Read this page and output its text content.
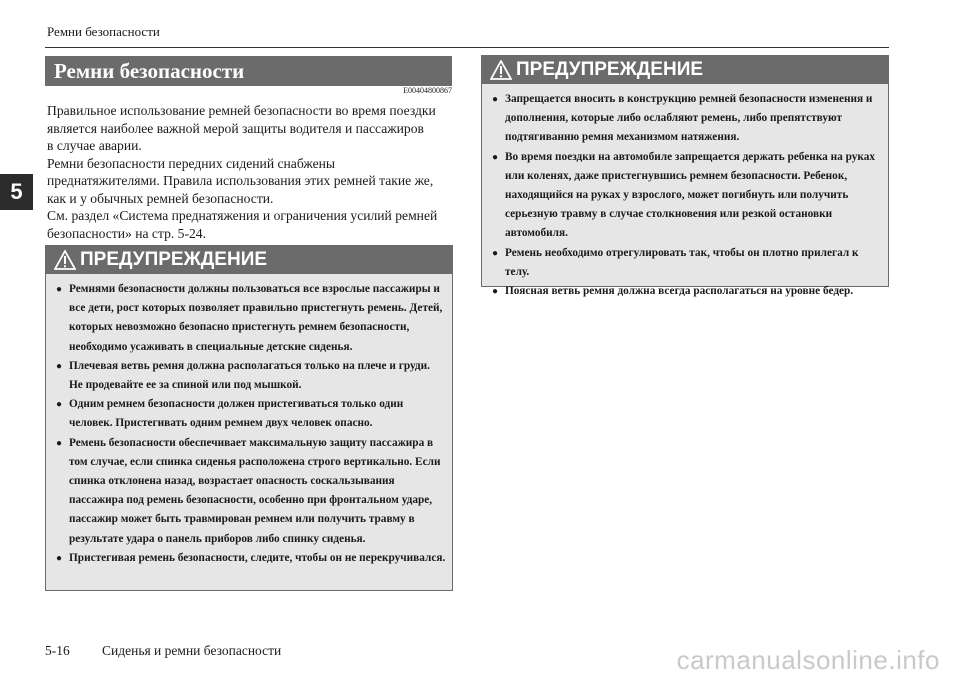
Ремни безопасности
5
Ремни безопасности
E00404800867

Правильное использование ремней безопасности во время поездки

является наиболее важной мерой защиты водителя и пассажиров

в случае аварии.

Ремни безопасности передних сидений снабжены

преднатяжителями. Правила использования этих ремней такие же,

как и у обычных ремней безопасности.

См. раздел «Система преднатяжения и ограничения усилий ремней

безопасности» на стр. 5-24.

ПРЕДУПРЕЖДЕНИЕ
● Ремнями безопасности должны пользоваться все взрослые пассажиры и все дети, рост которых позволяет правильно пристегнуть ремень. Детей, которых невозможно безопасно пристегнуть ремнем безопасности, необходимо усаживать в специальные детские сиденья.
● Плечевая ветвь ремня должна располагаться только на плече и груди. Не продевайте ее за спиной или под мышкой.
● Одним ремнем безопасности должен пристегиваться только один человек. Пристегивать одним ремнем двух человек опасно.
● Ремень безопасности обеспечивает максимальную защиту пассажира в том случае, если спинка сиденья расположена строго вертикально. Если спинка отклонена назад, возрастает опасность соскальзывания пассажира под ремень безопасности, особенно при фронтальном ударе, пассажир может быть травмирован ремнем или получить травму в результате удара о панель приборов либо спинку сиденья.
● Пристегивая ремень безопасности, следите, чтобы он не перекручивался.
ПРЕДУПРЕЖДЕНИЕ
● Запрещается вносить в конструкцию ремней безопасности изменения и дополнения, которые либо ослабляют ремень, либо препятствуют подтягиванию ремня механизмом натяжения.
● Во время поездки на автомобиле запрещается держать ребенка на руках или коленях, даже пристегнувшись ремнем безопасности. Ребенок, находящийся на руках у взрослого, может погибнуть или получить серьезную травму в случае столкновения или резкой остановки автомобиля.
● Ремень необходимо отрегулировать так, чтобы он плотно прилегал к телу.
● Поясная ветвь ремня должна всегда располагаться на уровне бедер.
5-16 Сиденья и ремни безопасности	carmanualsonline.info
